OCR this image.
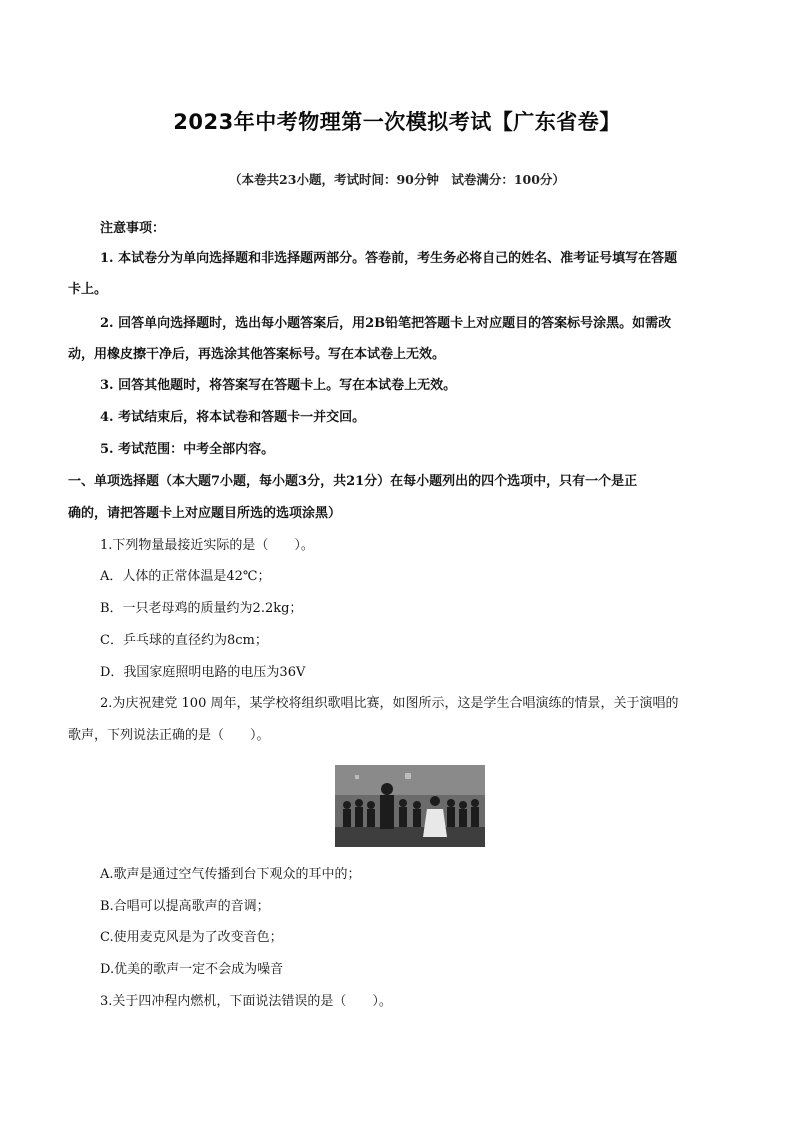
2023年中考物理第一次模拟考试【广东省卷】
（本卷共23小题，考试时间：90分钟　试卷满分：100分）
注意事项：
1. 本试卷分为单向选择题和非选择题两部分。答卷前，考生务必将自己的姓名、准考证号填写在答题
卡上。
2. 回答单向选择题时，选出每小题答案后，用2B铅笔把答题卡上对应题目的答案标号涂黑。如需改
动，用橡皮擦干净后，再选涂其他答案标号。写在本试卷上无效。
3. 回答其他题时，将答案写在答题卡上。写在本试卷上无效。
4. 考试结束后，将本试卷和答题卡一并交回。
5. 考试范围：中考全部内容。
一、单项选择题（本大题7小题，每小题3分，共21分）在每小题列出的四个选项中，只有一个是正
确的，请把答题卡上对应题目所选的选项涂黑）
1.下列物量最接近实际的是（　　）。
A．人体的正常体温是42℃；
B．一只老母鸡的质量约为2.2kg；
C．乒乓球的直径约为8cm；
D．我国家庭照明电路的电压为36V
2.为庆祝建党 100 周年，某学校将组织歌唱比赛，如图所示，这是学生合唱演练的情景，关于演唱的
歌声，下列说法正确的是（　　）。
A.歌声是通过空气传播到台下观众的耳中的；
B.合唱可以提高歌声的音调；
C.使用麦克风是为了改变音色；
D.优美的歌声一定不会成为噪音
3.关于四冲程内燃机，下面说法错误的是（　　）。
